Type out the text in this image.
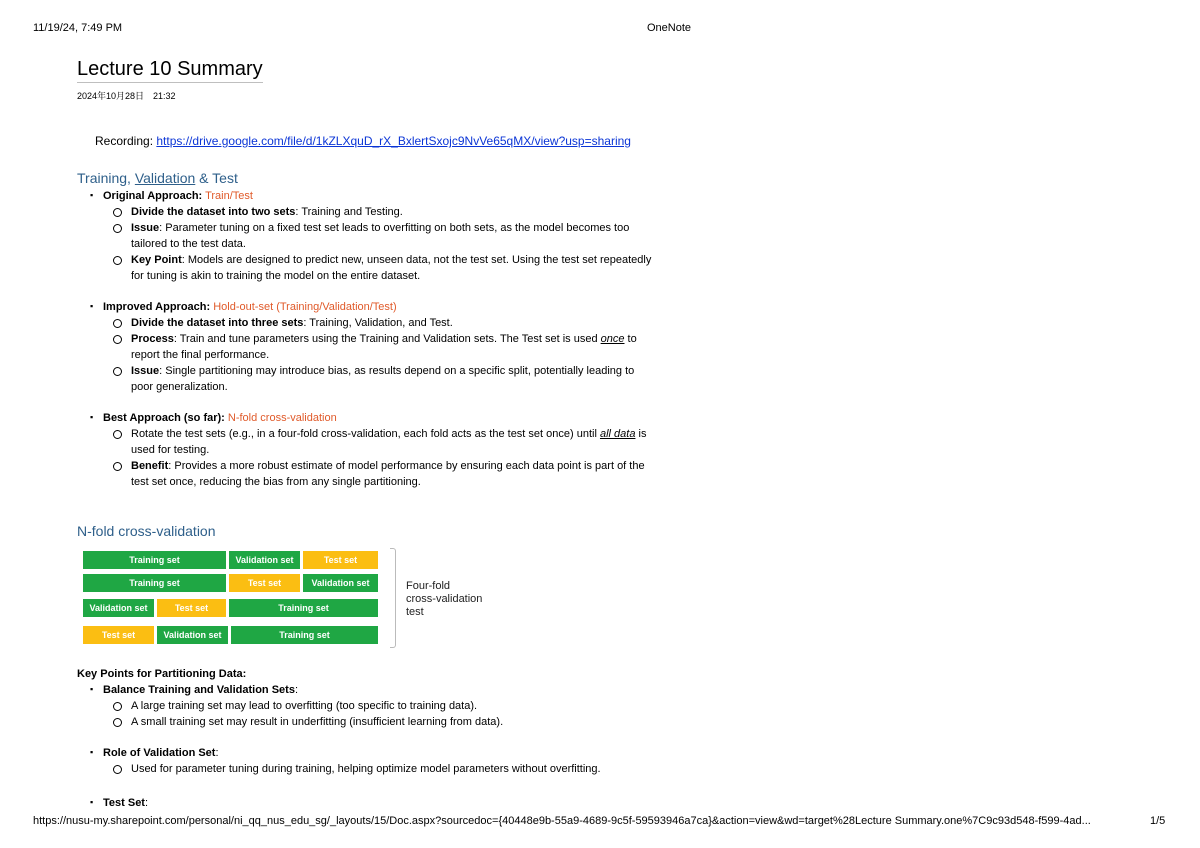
11/19/24, 7:49 PM	OneNote
Lecture 10 Summary
2024年10月28日　21:32
Recording: https://drive.google.com/file/d/1kZLXquD_rX_BxlertSxojc9NvVe65qMX/view?usp=sharing
Training, Validation & Test
▪ Original Approach: Train/Test
Divide the dataset into two sets: Training and Testing.
Issue: Parameter tuning on a fixed test set leads to overfitting on both sets, as the model becomes too
tailored to the test data.
Key Point: Models are designed to predict new, unseen data, not the test set. Using the test set repeatedly
for tuning is akin to training the model on the entire dataset.
▪ Improved Approach: Hold-out-set (Training/Validation/Test)
Divide the dataset into three sets: Training, Validation, and Test.
Process: Train and tune parameters using the Training and Validation sets. The Test set is used once to
report the final performance.
Issue: Single partitioning may introduce bias, as results depend on a specific split, potentially leading to
poor generalization.
▪ Best Approach (so far): N-fold cross-validation
Rotate the test sets (e.g., in a four-fold cross-validation, each fold acts as the test set once) until all data is
used for testing.
Benefit: Provides a more robust estimate of model performance by ensuring each data point is part of the
test set once, reducing the bias from any single partitioning.
N-fold cross-validation
Training set	Validation set	Test set
Training set	Test set	Validation set
Validation set	Test set	Training set
Test set	Validation set	Training set
Four-fold
cross-validation
test
Key Points for Partitioning Data:
▪ Balance Training and Validation Sets:
A large training set may lead to overfitting (too specific to training data).
A small training set may result in underfitting (insufficient learning from data).
▪ Role of Validation Set:
Used for parameter tuning during training, helping optimize model parameters without overfitting.
▪ Test Set:
https://nusu-my.sharepoint.com/personal/ni_qq_nus_edu_sg/_layouts/15/Doc.aspx?sourcedoc={40448e9b-55a9-4689-9c5f-59593946a7ca}&action=view&wd=target%28Lecture Summary.one%7C9c93d548-f599-4ad...	1/5
